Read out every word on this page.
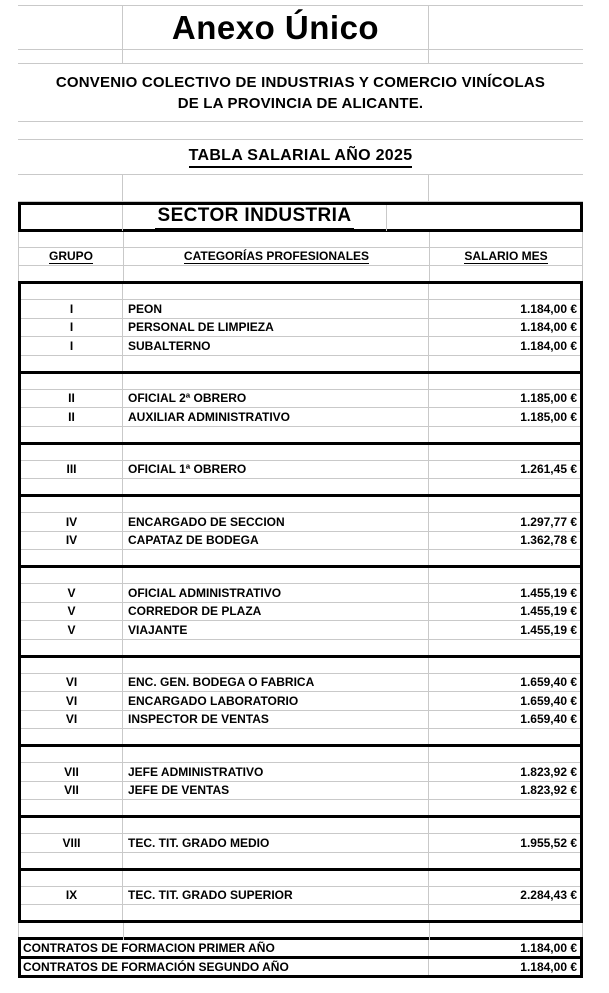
Anexo Único
CONVENIO COLECTIVO DE INDUSTRIAS Y COMERCIO VINÍCOLAS
DE LA PROVINCIA DE ALICANTE.
TABLA SALARIAL AÑO 2025
SECTOR INDUSTRIA
GRUPO	CATEGORÍAS PROFESIONALES	SALARIO MES
I	PEON	1.184,00 €
I	PERSONAL DE LIMPIEZA	1.184,00 €
I	SUBALTERNO	1.184,00 €
II	OFICIAL 2ª OBRERO	1.185,00 €
II	AUXILIAR ADMINISTRATIVO	1.185,00 €
III	OFICIAL 1ª OBRERO	1.261,45 €
IV	ENCARGADO DE SECCION	1.297,77 €
IV	CAPATAZ DE BODEGA	1.362,78 €
V	OFICIAL ADMINISTRATIVO	1.455,19 €
V	CORREDOR DE PLAZA	1.455,19 €
V	VIAJANTE	1.455,19 €
VI	ENC. GEN. BODEGA O FABRICA	1.659,40 €
VI	ENCARGADO LABORATORIO	1.659,40 €
VI	INSPECTOR DE VENTAS	1.659,40 €
VII	JEFE ADMINISTRATIVO	1.823,92 €
VII	JEFE DE VENTAS	1.823,92 €
VIII	TEC. TIT. GRADO MEDIO	1.955,52 €
IX	TEC. TIT. GRADO SUPERIOR	2.284,43 €
CONTRATOS DE FORMACION PRIMER AÑO	1.184,00 €
CONTRATOS DE FORMACIÓN SEGUNDO AÑO	1.184,00 €
